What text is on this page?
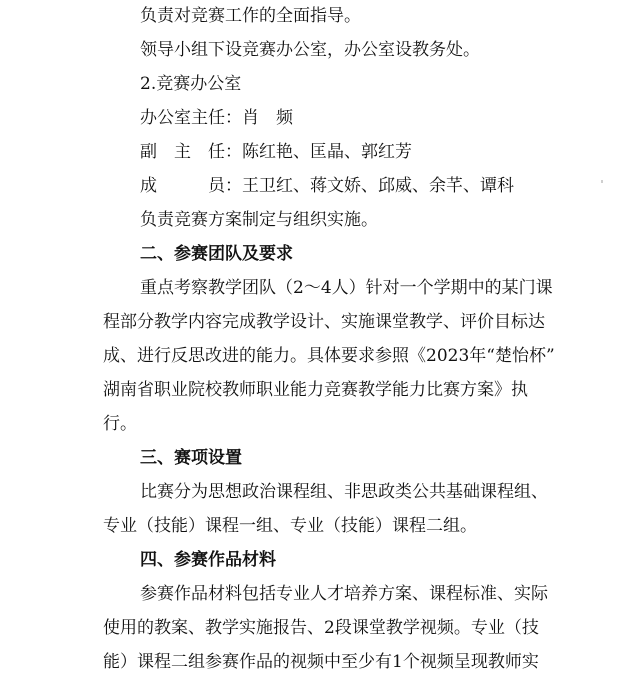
负责对竞赛工作的全面指导。
领导小组下设竞赛办公室，办公室设教务处。
2.竞赛办公室
办公室主任：肖　频
副　主　任：陈红艳、匡晶、郭红芳
成　　　员：王卫红、蒋文娇、邱威、余芊、谭科
负责竞赛方案制定与组织实施。
二、参赛团队及要求
重点考察教学团队（2～4人）针对一个学期中的某门课
程部分教学内容完成教学设计、实施课堂教学、评价目标达
成、进行反思改进的能力。具体要求参照《2023年“楚怡杯”
湖南省职业院校教师职业能力竞赛教学能力比赛方案》执
行。
三、赛项设置
比赛分为思想政治课程组、非思政类公共基础课程组、
专业（技能）课程一组、专业（技能）课程二组。
四、参赛作品材料
参赛作品材料包括专业人才培养方案、课程标准、实际
使用的教案、教学实施报告、2段课堂教学视频。专业（技
能）课程二组参赛作品的视频中至少有1个视频呈现教师实
